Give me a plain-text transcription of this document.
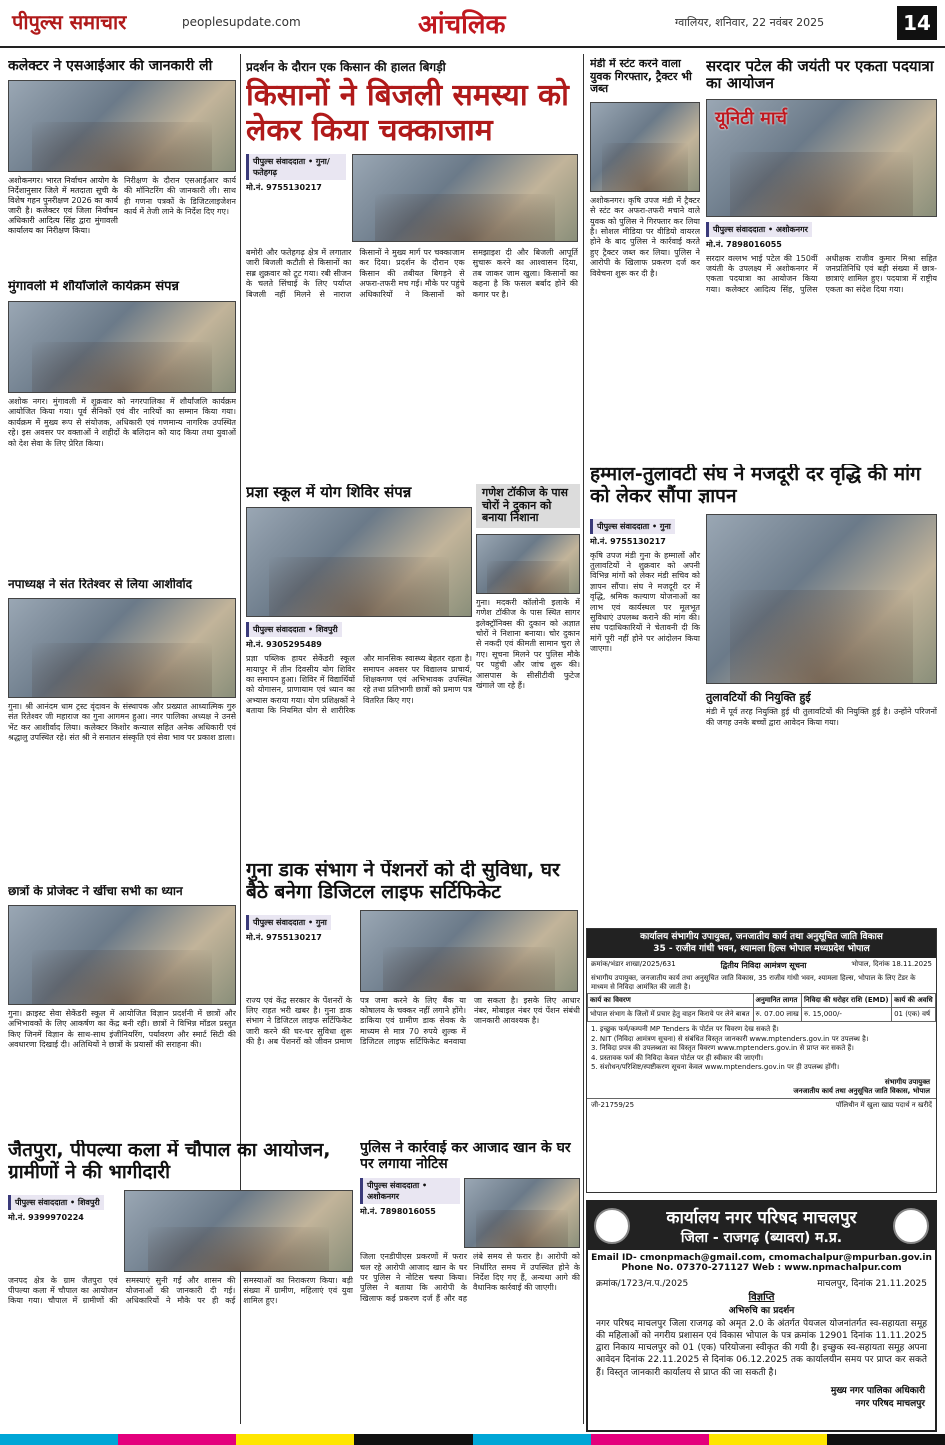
पीपुल्स समाचार	peoplesupdate.com	आंचलिक	ग्वालियर, शनिवार, 22 नवंबर 2025	14
कलेक्टर ने एसआईआर की जानकारी ली
अशोकनगर। भारत निर्वाचन आयोग के निर्देशानुसार जिले में मतदाता सूची के विशेष गहन पुनरीक्षण 2026 का कार्य जारी है। कलेक्टर एवं जिला निर्वाचन अधिकारी आदित्य सिंह द्वारा मुंगावली कार्यालय का निरीक्षण किया।
निरीक्षण के दौरान एसआईआर कार्य की मॉनिटरिंग की जानकारी ली। साथ ही गणना पत्रकों के डिजिटलाइजेशन कार्य में तेजी लाने के निर्देश दिए गए।
मुंगावली में शौर्यांजलि कार्यक्रम संपन्न
अशोक नगर। मुंगावली में शुक्रवार को नगरपालिका में शौर्यांजलि कार्यक्रम आयोजित किया गया। पूर्व सैनिकों एवं वीर नारियों का सम्मान किया गया। कार्यक्रम में मुख्य रूप से संयोजक, अधिकारी एवं गणमान्य नागरिक उपस्थित रहे। इस अवसर पर वक्ताओं ने शहीदों के बलिदान को याद किया तथा युवाओं को देश सेवा के लिए प्रेरित किया।
नपाध्यक्ष ने संत रितेश्वर से लिया आशीर्वाद
गुना। श्री आनंदम धाम ट्रस्ट वृंदावन के संस्थापक और प्रख्यात आध्यात्मिक गुरु संत रितेश्वर जी महाराज का गुना आगमन हुआ। नगर पालिका अध्यक्ष ने उनसे भेंट कर आशीर्वाद लिया। कलेक्टर किशोर कन्याल सहित अनेक अधिकारी एवं श्रद्धालु उपस्थित रहे। संत श्री ने सनातन संस्कृति एवं सेवा भाव पर प्रकाश डाला।
छात्रों के प्रोजेक्ट ने खींचा सभी का ध्यान
गुना। क्राइस्ट सेवा सेकेंडरी स्कूल में आयोजित विज्ञान प्रदर्शनी में छात्रों और अभिभावकों के लिए आकर्षण का केंद्र बनी रही। छात्रों ने विभिन्न मॉडल प्रस्तुत किए जिनमें विज्ञान के साथ-साथ इंजीनियरिंग, पर्यावरण और स्मार्ट सिटी की अवधारणा दिखाई दी। अतिथियों ने छात्रों के प्रयासों की सराहना की।
प्रदर्शन के दौरान एक किसान की हालत बिगड़ी
किसानों ने बिजली समस्या को लेकर किया चक्काजाम
पीपुल्स संवाददाता • गुना/फतेहगढ़
मो.नं. 9755130217
बमोरी और फतेहगढ़ क्षेत्र में लगातार जारी बिजली कटौती से किसानों का सब्र शुक्रवार को टूट गया। रबी सीजन के चलते सिंचाई के लिए पर्याप्त बिजली नहीं मिलने से नाराज किसानों ने मुख्य मार्ग पर चक्काजाम कर दिया। प्रदर्शन के दौरान एक किसान की तबीयत बिगड़ने से अफरा-तफरी मच गई। मौके पर पहुंचे अधिकारियों ने किसानों को समझाइश दी और बिजली आपूर्ति सुचारू करने का आश्वासन दिया, तब जाकर जाम खुला। किसानों का कहना है कि फसल बर्बाद होने की कगार पर है।
प्रज्ञा स्कूल में योग शिविर संपन्न
पीपुल्स संवाददाता • शिवपुरी
मो.नं. 9305295489
प्रज्ञा पब्लिक हायर सेकेंडरी स्कूल मायापुर में तीन दिवसीय योग शिविर का समापन हुआ। शिविर में विद्यार्थियों को योगासन, प्राणायाम एवं ध्यान का अभ्यास कराया गया। योग प्रशिक्षकों ने बताया कि नियमित योग से शारीरिक और मानसिक स्वास्थ्य बेहतर रहता है। समापन अवसर पर विद्यालय प्राचार्य, शिक्षकगण एवं अभिभावक उपस्थित रहे तथा प्रतिभागी छात्रों को प्रमाण पत्र वितरित किए गए।
गणेश टॉकीज के पास चोरों ने दुकान को बनाया निशाना
गुना। मदकरी कॉलोनी इलाके में गणेश टॉकीज के पास स्थित सागर इलेक्ट्रॉनिक्स की दुकान को अज्ञात चोरों ने निशाना बनाया। चोर दुकान से नकदी एवं कीमती सामान चुरा ले गए। सूचना मिलने पर पुलिस मौके पर पहुंची और जांच शुरू की। आसपास के सीसीटीवी फुटेज खंगाले जा रहे हैं।
गुना डाक संभाग ने पेंशनरों को दी सुविधा, घर बैठे बनेगा डिजिटल लाइफ सर्टिफिकेट
पीपुल्स संवाददाता • गुना
मो.नं. 9755130217
राज्य एवं केंद्र सरकार के पेंशनरों के लिए राहत भरी खबर है। गुना डाक संभाग ने डिजिटल लाइफ सर्टिफिकेट जारी करने की घर-घर सुविधा शुरू की है। अब पेंशनरों को जीवन प्रमाण पत्र जमा करने के लिए बैंक या कोषालय के चक्कर नहीं लगाने होंगे। डाकिया एवं ग्रामीण डाक सेवक के माध्यम से मात्र 70 रुपये शुल्क में डिजिटल लाइफ सर्टिफिकेट बनवाया जा सकता है। इसके लिए आधार नंबर, मोबाइल नंबर एवं पेंशन संबंधी जानकारी आवश्यक है।
मंडी में स्टंट करने वाला युवक गिरफ्तार, ट्रैक्टर भी जब्त
अशोकनगर। कृषि उपज मंडी में ट्रैक्टर से स्टंट कर अफरा-तफरी मचाने वाले युवक को पुलिस ने गिरफ्तार कर लिया है। सोशल मीडिया पर वीडियो वायरल होने के बाद पुलिस ने कार्रवाई करते हुए ट्रैक्टर जब्त कर लिया। पुलिस ने आरोपी के खिलाफ प्रकरण दर्ज कर विवेचना शुरू कर दी है।
सरदार पटेल की जयंती पर एकता पदयात्रा का आयोजन
यूनिटी मार्च
पीपुल्स संवाददाता • अशोकनगर
मो.नं. 7898016055
सरदार वल्लभ भाई पटेल की 150वीं जयंती के उपलक्ष्य में अशोकनगर में एकता पदयात्रा का आयोजन किया गया। कलेक्टर आदित्य सिंह, पुलिस अधीक्षक राजीव कुमार मिश्रा सहित जनप्रतिनिधि एवं बड़ी संख्या में छात्र-छात्राएं शामिल हुए। पदयात्रा में राष्ट्रीय एकता का संदेश दिया गया।
हम्माल-तुलावटी संघ ने मजदूरी दर वृद्धि की मांग को लेकर सौंपा ज्ञापन
पीपुल्स संवाददाता • गुना
मो.नं. 9755130217
कृषि उपज मंडी गुना के हम्मालों और तुलावटियों ने शुक्रवार को अपनी विभिन्न मांगों को लेकर मंडी सचिव को ज्ञापन सौंपा। संघ ने मजदूरी दर में वृद्धि, श्रमिक कल्याण योजनाओं का लाभ एवं कार्यस्थल पर मूलभूत सुविधाएं उपलब्ध कराने की मांग की। संघ पदाधिकारियों ने चेतावनी दी कि मांगें पूरी नहीं होने पर आंदोलन किया जाएगा।
तुलावटियों की नियुक्ति हुई
मंडी में पूर्व तरह नियुक्ति हुई थी तुलावटियों की नियुक्ति हुई है। उन्होंने परिजनों की जगह उनके बच्चों द्वारा आवेदन किया गया।
जैतपुरा, पीपल्या कला में चौपाल का आयोजन, ग्रामीणों ने की भागीदारी
पीपुल्स संवाददाता • शिवपुरी
मो.नं. 9399970224
जनपद क्षेत्र के ग्राम जैतपुरा एवं पीपल्या कला में चौपाल का आयोजन किया गया। चौपाल में ग्रामीणों की समस्याएं सुनी गईं और शासन की योजनाओं की जानकारी दी गई। अधिकारियों ने मौके पर ही कई समस्याओं का निराकरण किया। बड़ी संख्या में ग्रामीण, महिलाएं एवं युवा शामिल हुए।
पुलिस ने कार्रवाई कर आजाद खान के घर पर लगाया नोटिस
पीपुल्स संवाददाता • अशोकनगर
मो.नं. 7898016055
जिला एनडीपीएस प्रकरणों में फरार चल रहे आरोपी आजाद खान के घर पर पुलिस ने नोटिस चस्पा किया। पुलिस ने बताया कि आरोपी के खिलाफ कई प्रकरण दर्ज हैं और वह लंबे समय से फरार है। आरोपी को निर्धारित समय में उपस्थित होने के निर्देश दिए गए हैं, अन्यथा आगे की वैधानिक कार्रवाई की जाएगी।
कार्यालय संभागीय उपायुक्त, जनजातीय कार्य तथा अनुसूचित जाति विकास
35 - राजीव गांधी भवन, श्यामला हिल्स भोपाल मध्यप्रदेश भोपाल
क्रमांक/भंडार शाखा/2025/631	द्वितीय निविदा आमंत्रण सूचना	भोपाल, दिनांक 18.11.2025
संभागीय उपायुक्त, जनजातीय कार्य तथा अनुसूचित जाति विकास, 35 राजीव गांधी भवन, श्यामला हिल्स, भोपाल के लिए टेंडर के माध्यम से निविदा आमंत्रित की जाती है।
कार्य का विवरण	अनुमानित लागत	निविदा की धरोहर राशि (EMD)	कार्य की अवधि
भोपाल संभाग के जिलों में प्रचार हेतु वाहन किराये पर लेने बाबत	रु. 07.00 लाख	रु. 15,000/-	01 (एक) वर्ष
1. इच्छुक फर्म/कम्पनी MP Tenders के पोर्टल पर विवरण देख सकते हैं।
2. NIT (निविदा आमंत्रण सूचना) से संबंधित विस्तृत जानकारी www.mptenders.gov.in पर उपलब्ध है।
3. निविदा प्रपत्र की उपलब्धता का विस्तृत विवरण www.mptenders.gov.in से प्राप्त कर सकते हैं।
4. प्रस्तावक फर्म की निविदा केवल पोर्टल पर ही स्वीकार की जाएगी।
5. संशोधन/परिशिष्ट/स्पष्टीकरण सूचना केवल www.mptenders.gov.in पर ही उपलब्ध होंगी।
संभागीय उपायुक्त
जनजातीय कार्य तथा अनुसूचित जाति विकास, भोपाल
जी-21759/25	पॉलिथीन में खुला खाद्य पदार्थ न खरीदें
कार्यालय नगर परिषद माचलपुर
जिला - राजगढ़ (ब्यावरा) म.प्र.
Email ID- cmonpmach@gmail.com, cmomachalpur@mpurban.gov.in
Phone No. 07370-271127 Web : www.npmachalpur.com
क्रमांक/1723/न.प./2025	माचलपुर, दिनांक 21.11.2025
विज्ञप्ति
अभिरुचि का प्रदर्शन
नगर परिषद माचलपुर जिला राजगढ़ को अमृत 2.0 के अंतर्गत पेयजल योजनांतर्गत स्व-सहायता समूह की महिलाओं को नगरीय प्रशासन एवं विकास भोपाल के पत्र क्रमांक 12901 दिनांक 11.11.2025 द्वारा निकाय माचलपुर को 01 (एक) परियोजना स्वीकृत की गयी है। इच्छुक स्व-सहायता समूह अपना आवेदन दिनांक 22.11.2025 से दिनांक 06.12.2025 तक कार्यालयीन समय पर प्राप्त कर सकते हैं। विस्तृत जानकारी कार्यालय से प्राप्त की जा सकती है।
मुख्य नगर पालिका अधिकारी
नगर परिषद माचलपुर
